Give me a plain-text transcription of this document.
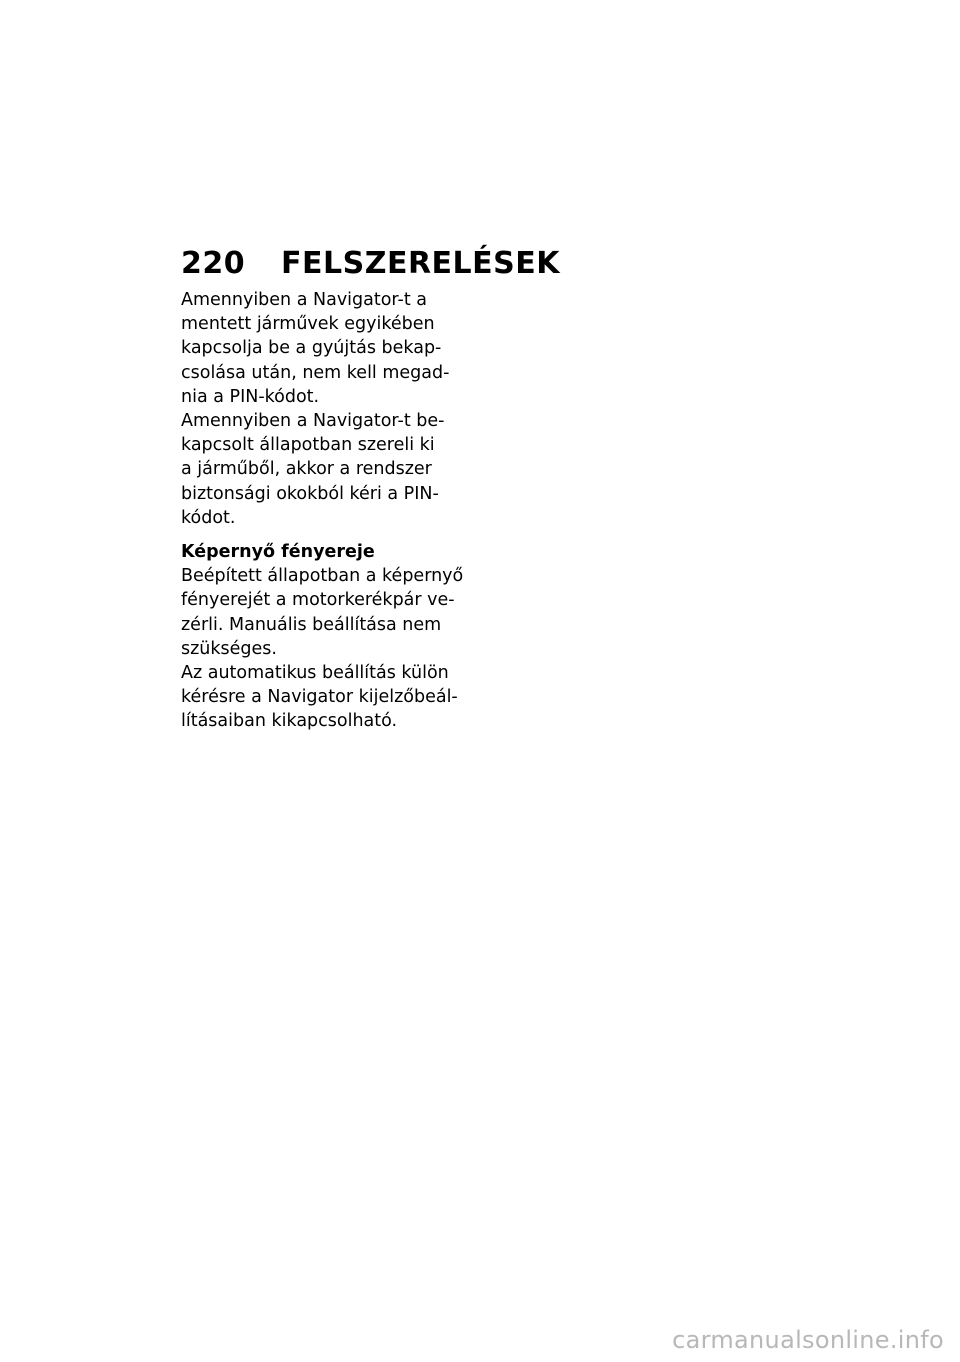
220	FELSZERELÉSEK

Amennyiben a Navigator-t a
mentett járművek egyikében
kapcsolja be a gyújtás bekap-
csolása után, nem kell megad-
nia a PIN-kódot.

Amennyiben a Navigator-t be-
kapcsolt állapotban szereli ki
a járműből, akkor a rendszer
biztonsági okokból kéri a PIN-
kódot.

Képernyő fényereje

Beépített állapotban a képernyő
fényerejét a motorkerékpár ve-
zérli. Manuális beállítása nem
szükséges.

Az automatikus beállítás külön
kérésre a Navigator kijelzőbeál-
lításaiban kikapcsolható.

carmanualsonline.info
